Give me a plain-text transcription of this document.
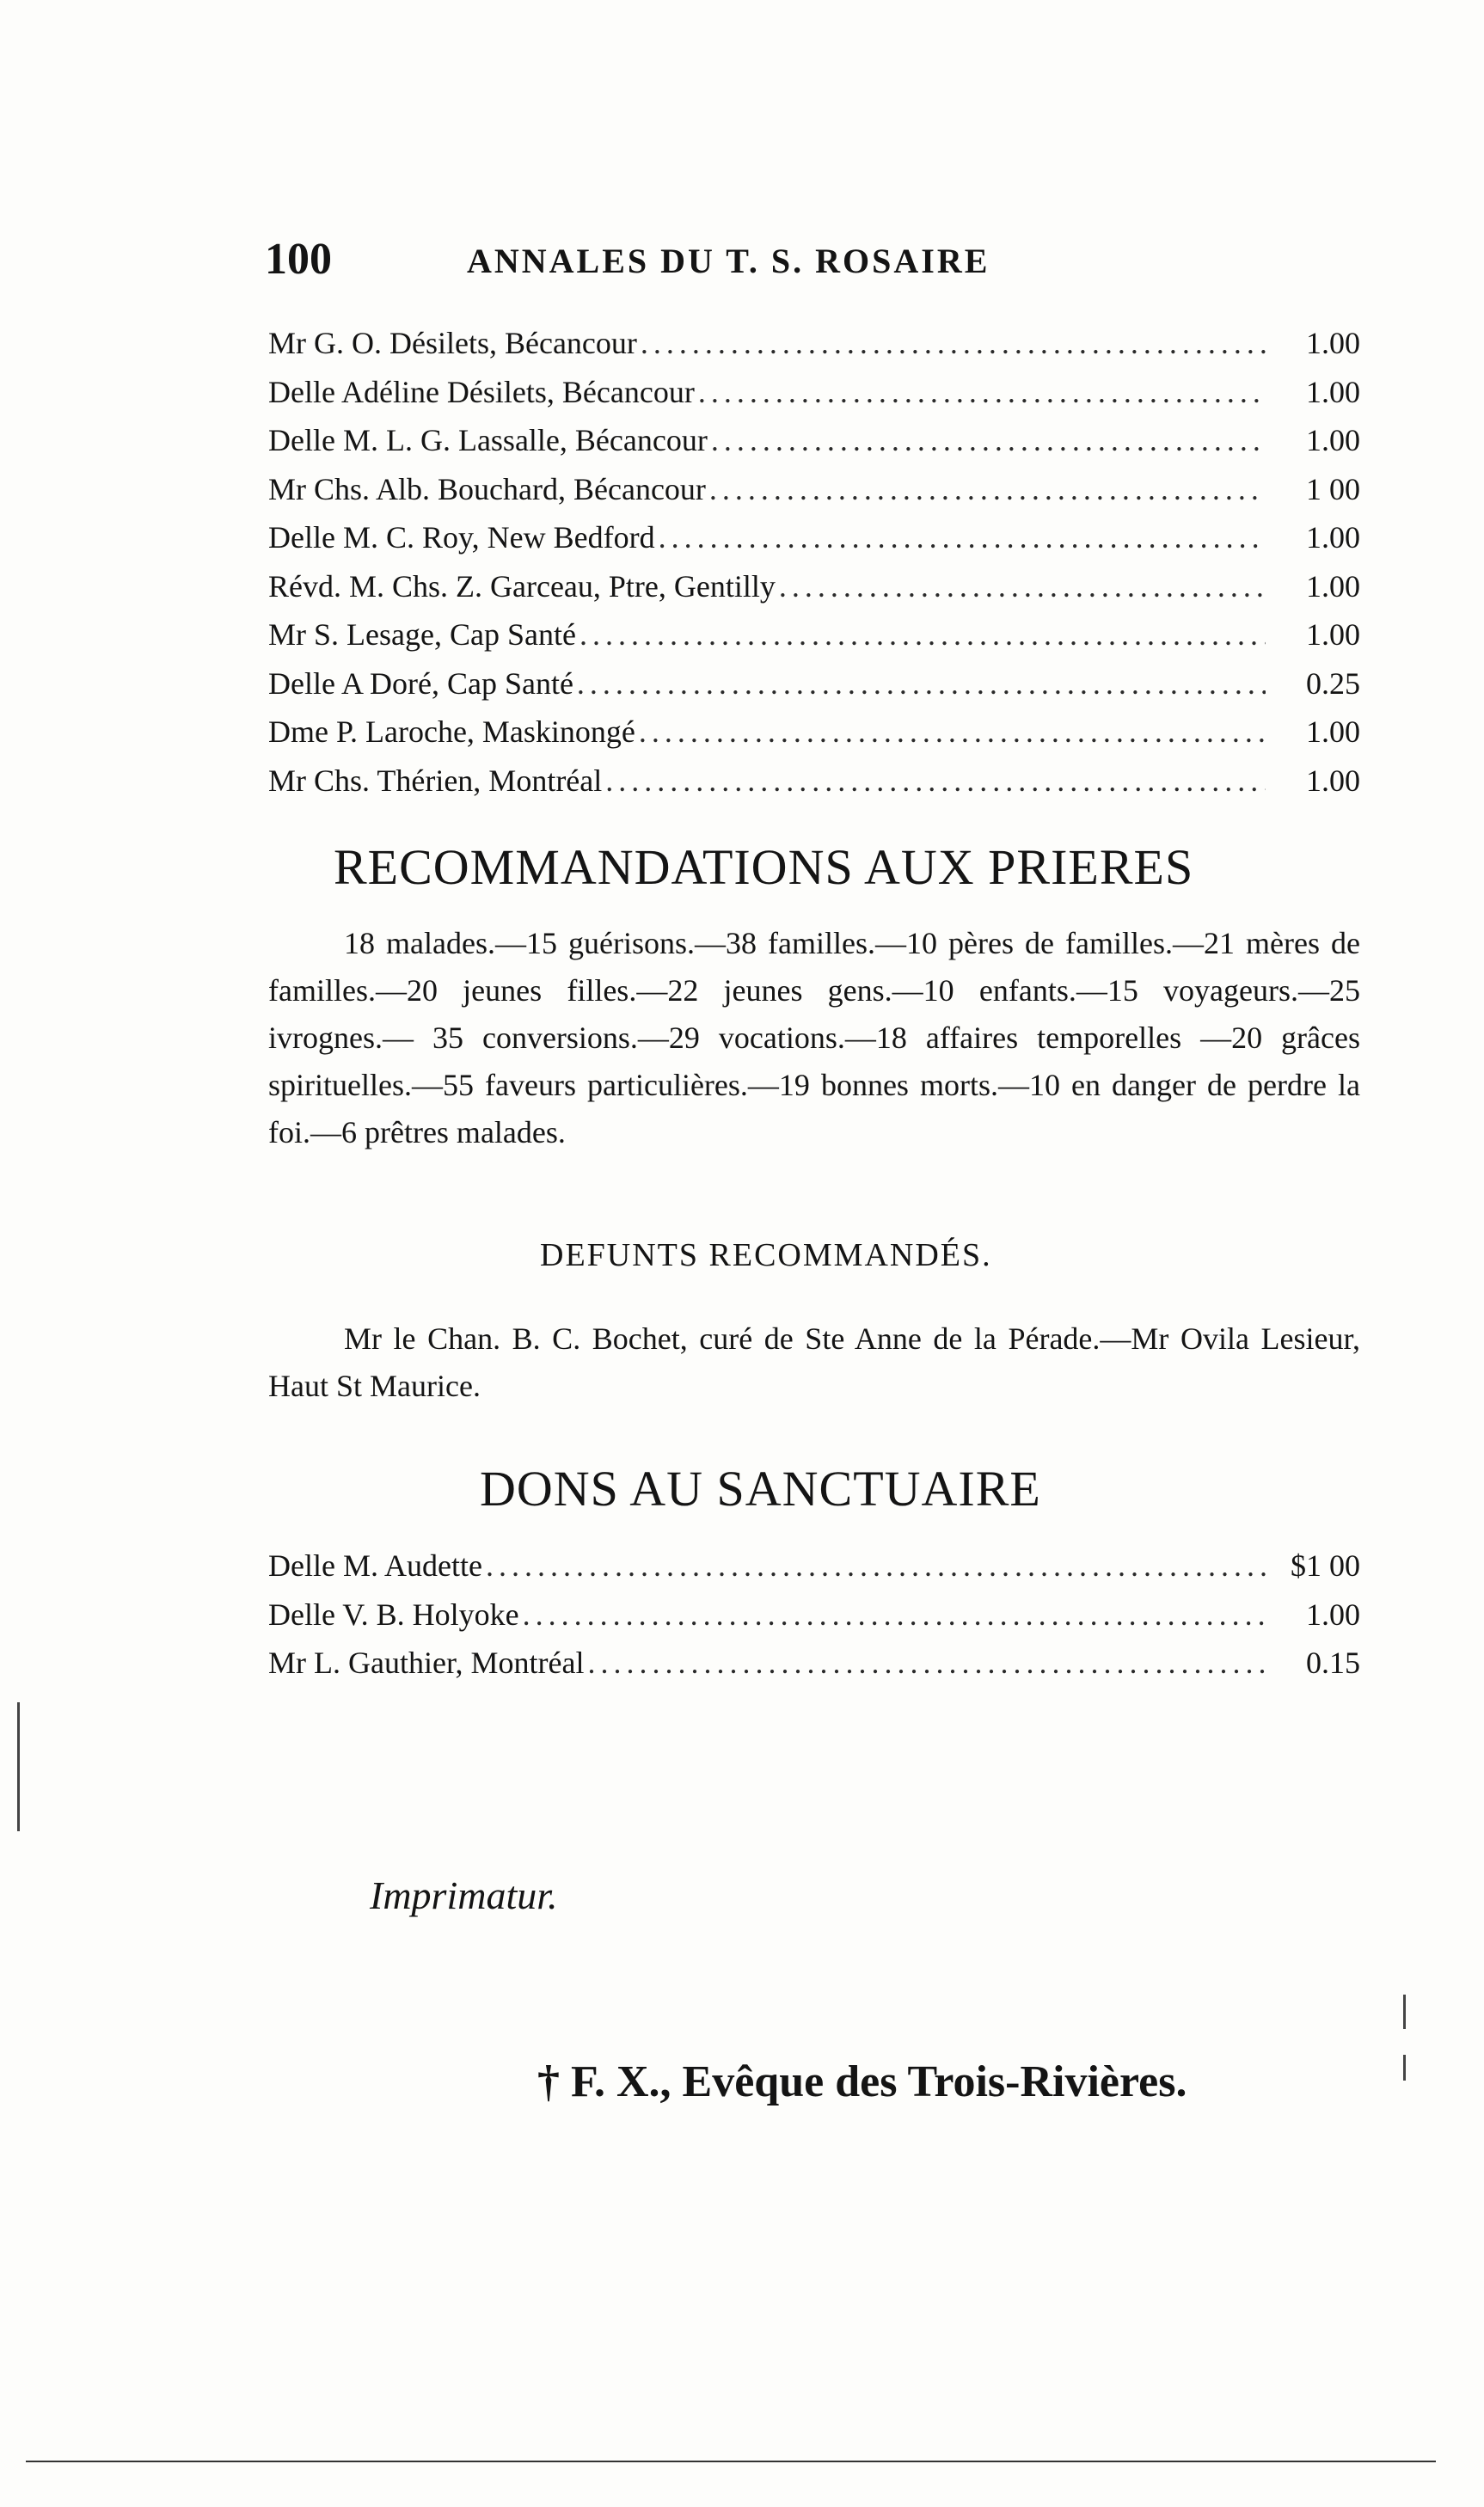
100	ANNALES DU T. S. ROSAIRE
Mr G. O. Désilets, Bécancour .....	1.00
Delle Adéline Désilets, Bécancour .....	1.00
Delle M. L. G. Lassalle, Bécancour .....	1.00
Mr Chs. Alb. Bouchard, Bécancour .....	1 00
Delle M. C. Roy, New Bedford .....	1.00
Révd. M. Chs. Z. Garceau, Ptre, Gentilly .....	1.00
Mr S. Lesage, Cap Santé .....	1.00
Delle A Doré, Cap Santé .....	0.25
Dme P. Laroche, Maskinongé .....	1.00
Mr Chs. Thérien, Montréal .....	1.00
RECOMMANDATIONS AUX PRIERES
18 malades.—15 guérisons.—38 familles.—10 pères de familles.—21 mères de familles.—20 jeunes filles.—22 jeunes gens.—10 enfants.—15 voyageurs.—25 ivrognes.— 35 conversions.—29 vocations.—18 affaires temporelles —20 grâces spirituelles.—55 faveurs particulières.—19 bonnes morts.—10 en danger de perdre la foi.—6 prêtres malades.
DEFUNTS RECOMMANDÉS.
Mr le Chan. B. C. Bochet, curé de Ste Anne de la Pérade.—Mr Ovila Lesieur, Haut St Maurice.
DONS AU SANCTUAIRE
Delle M. Audette .....	$1 00
Delle V. B. Holyoke .....	1.00
Mr L. Gauthier, Montréal .....	0.15
Imprimatur.
† F. X., Evêque des Trois-Rivières.
